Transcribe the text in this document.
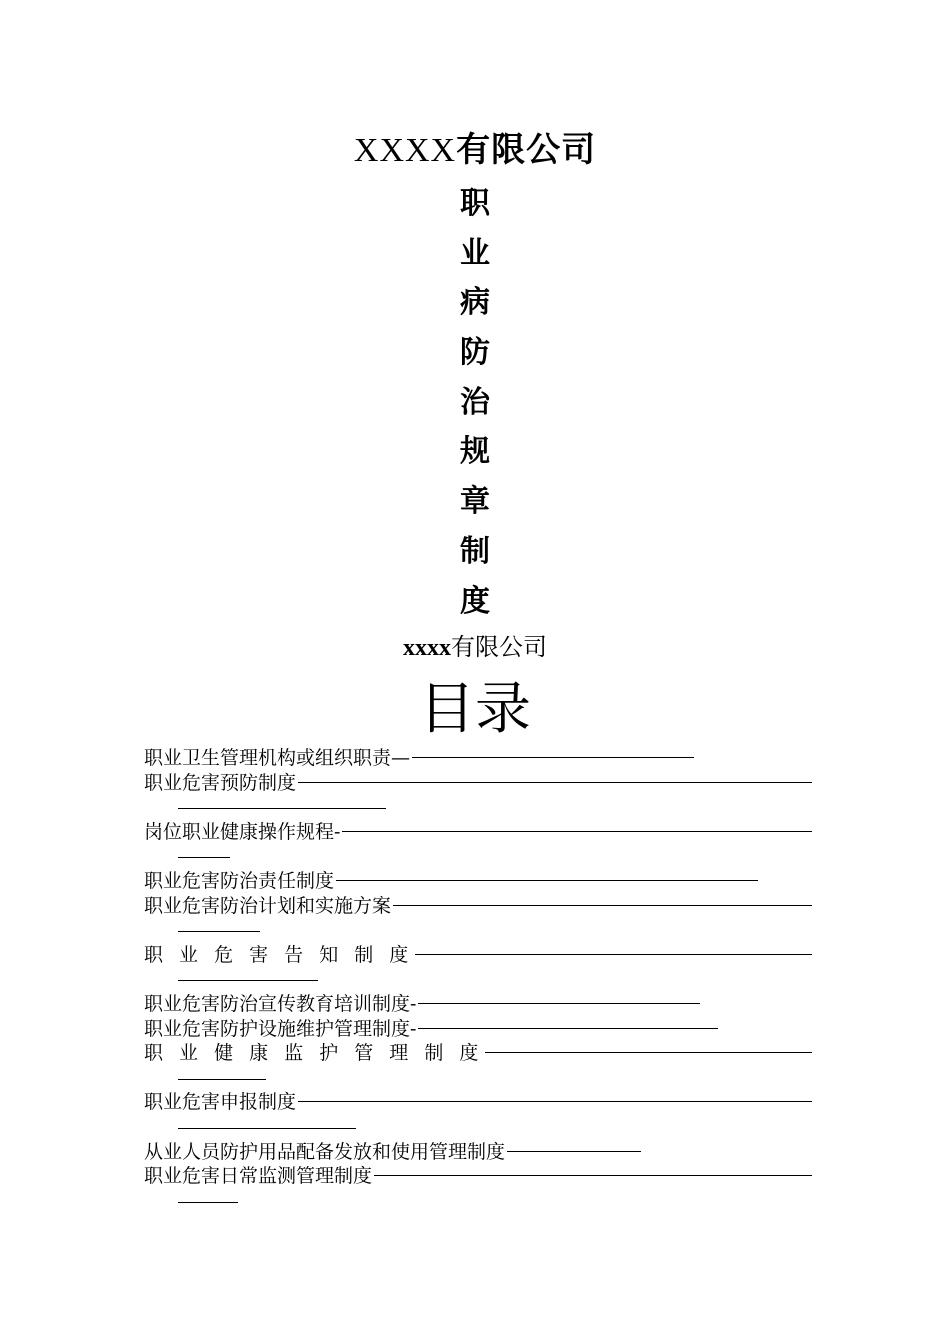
XXXX有限公司
职
业
病
防
治
规
章
制
度
xxxx有限公司
目录
职业卫生管理机构或组织职责—
职业危害预防制度
岗位职业健康操作规程-
职业危害防治责任制度
职业危害防治计划和实施方案
职 业 危 害 告 知 制 度
职业危害防治宣传教育培训制度-
职业危害防护设施维护管理制度-
职 业 健 康 监 护 管 理 制 度
职业危害申报制度
从业人员防护用品配备发放和使用管理制度
职业危害日常监测管理制度
